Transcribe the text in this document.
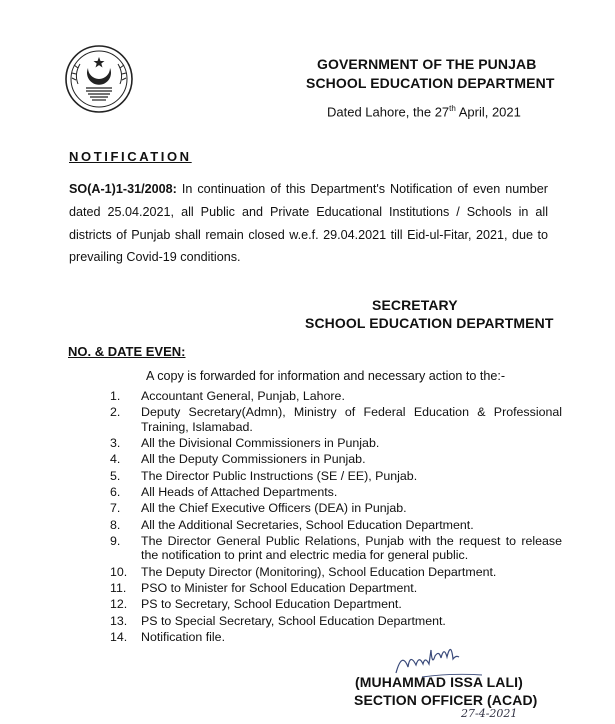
GOVERNMENT OF THE PUNJAB
SCHOOL EDUCATION DEPARTMENT
Dated Lahore, the 27th April, 2021
NOTIFICATION
SO(A-1)1-31/2008: In continuation of this Department's Notification of even number dated 25.04.2021, all Public and Private Educational Institutions / Schools in all districts of Punjab shall remain closed w.e.f. 29.04.2021 till Eid-ul-Fitar, 2021, due to prevailing Covid-19 conditions.
SECRETARY
SCHOOL EDUCATION DEPARTMENT
NO. & DATE EVEN:
A copy is forwarded for information and necessary action to the:-
1.	Accountant General, Punjab, Lahore.
2.	Deputy Secretary(Admn), Ministry of Federal Education & Professional Training, Islamabad.
3.	All the Divisional Commissioners in Punjab.
4.	All the Deputy Commissioners in Punjab.
5.	The Director Public Instructions (SE / EE), Punjab.
6.	All Heads of Attached Departments.
7.	All the Chief Executive Officers (DEA) in Punjab.
8.	All the Additional Secretaries, School Education Department.
9.	The Director General Public Relations, Punjab with the request to release the notification to print and electric media for general public.
10.	The Deputy Director (Monitoring), School Education Department.
11.	PSO to Minister for School Education Department.
12.	PS to Secretary, School Education Department.
13.	PS to Special Secretary, School Education Department.
14.	Notification file.
(MUHAMMAD ISSA LALI)
SECTION OFFICER (ACAD)
27-4-2021
